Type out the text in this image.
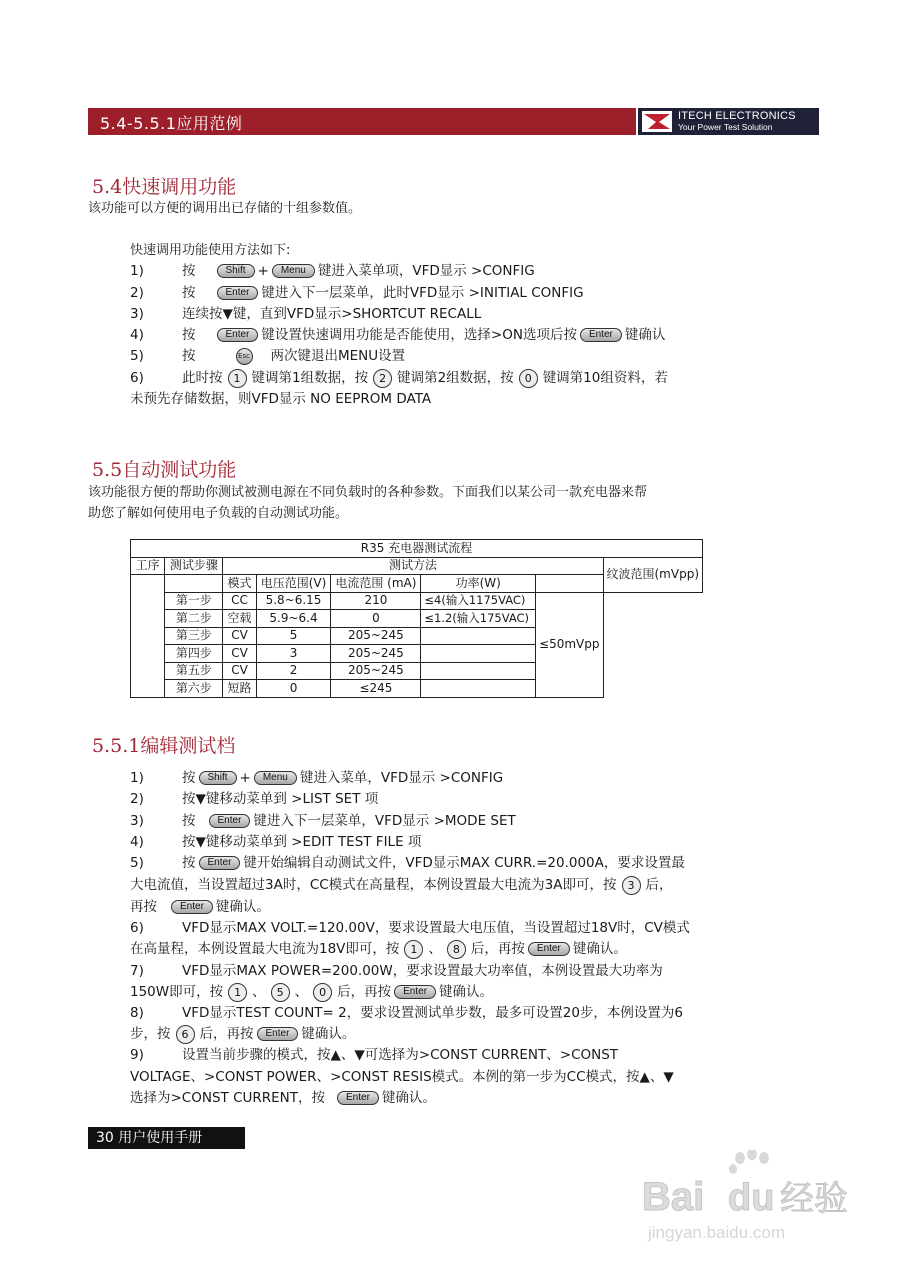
5.4-5.5.1应用范例	ITECH ELECTRONICS
Your Power Test Solution
5.4快速调用功能
该功能可以方便的调用出已存储的十组参数值。
快速调用功能使用方法如下:
1)	按	Shift + Menu 键进入菜单项，VFD显示 >CONFIG
2)	按	Enter 键进入下一层菜单，此时VFD显示 >INITIAL CONFIG
3)	连续按▼键，直到VFD显示>SHORTCUT RECALL
4)	按	Enter 键设置快速调用功能是否能使用，选择>ON选项后按 Enter 键确认
5)	按	Esc 两次键退出MENU设置
6)	此时按 1 键调第1组数据，按 2 键调第2组数据，按 0 键调第10组资料，若
未预先存储数据，则VFD显示 NO EEPROM DATA
5.5自动测试功能
该功能很方便的帮助你测试被测电源在不同负载时的各种参数。下面我们以某公司一款充电器来帮
助您了解如何使用电子负载的自动测试功能。
R35 充电器测试流程							
工序	测试步骤	测试方法					纹波范围(mVpp)
		模式	电压范围(V)	电流范围 (mA)	功率(W)		
	第一步	CC	5.8~6.15	210	≤4(输入1175VAC)	≤50mVpp	
	第二步	空载	5.9~6.4	0	≤1.2(输入175VAC)		
	第三步	CV	5	205~245			
	第四步	CV	3	205~245			
	第五步	CV	2	205~245			
	第六步	短路	0	≤245			
5.5.1编辑测试档
1)	按 Shift + Menu 键进入菜单，VFD显示 >CONFIG
2)	按▼键移动菜单到 >LIST SET 项
3)	按 Enter 键进入下一层菜单，VFD显示 >MODE SET
4)	按▼键移动菜单到 >EDIT TEST FILE 项
5)	按 Enter 键开始编辑自动测试文件，VFD显示MAX CURR.=20.000A，要求设置最
大电流值，当设置超过3A时，CC模式在高量程，本例设置最大电流为3A即可，按 3 后，
再按 Enter 键确认。
6)	VFD显示MAX VOLT.=120.00V，要求设置最大电压值，当设置超过18V时，CV模式
在高量程，本例设置最大电流为18V即可，按 1 、 8 后，再按 Enter 键确认。
7)	VFD显示MAX POWER=200.00W，要求设置最大功率值，本例设置最大功率为
150W即可，按 1 、 5 、 0 后，再按 Enter 键确认。
8)	VFD显示TEST COUNT= 2，要求设置测试单步数，最多可设置20步，本例设置为6
步，按 6 后，再按 Enter 键确认。
9)	设置当前步骤的模式，按▲、▼可选择为>CONST CURRENT、>CONST
VOLTAGE、>CONST POWER、>CONST RESIS模式。本例的第一步为CC模式，按▲、▼
选择为>CONST CURRENT，按 Enter 键确认。
30 用户使用手册
Bai du 经验
jingyan.baidu.com
